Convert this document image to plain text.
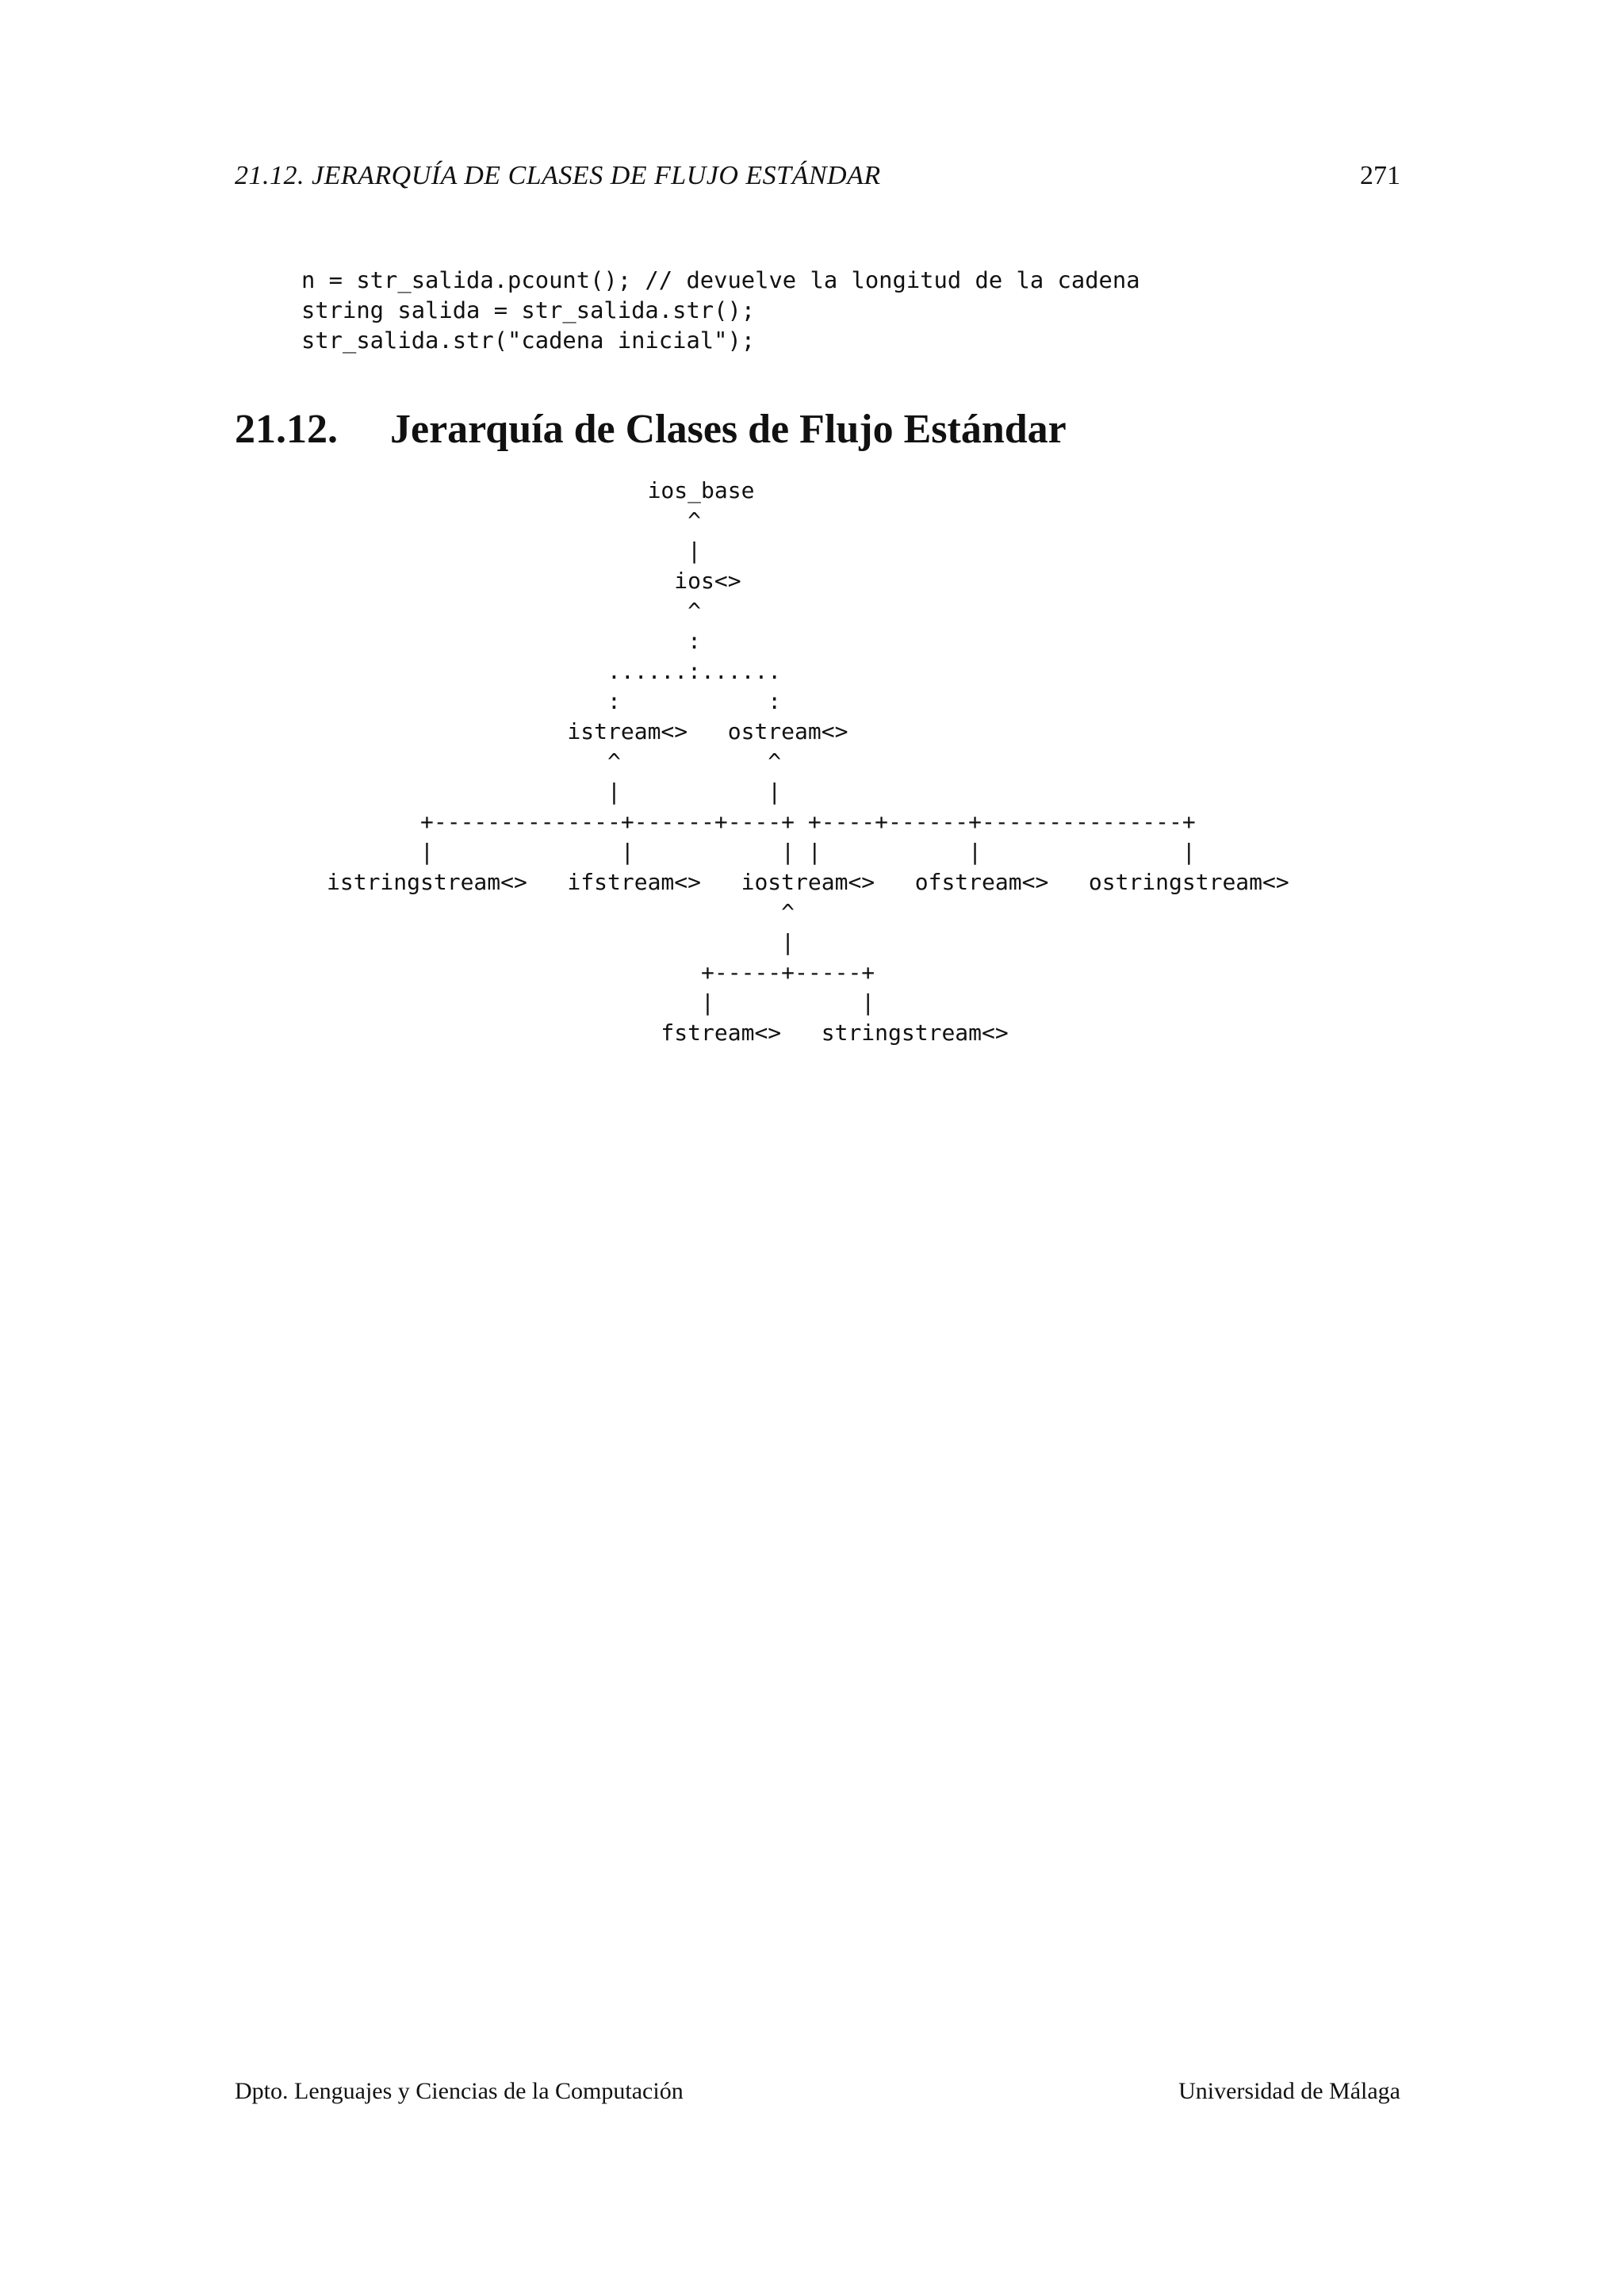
21.12. JERARQUÍA DE CLASES DE FLUJO ESTÁNDAR	271
n = str_salida.pcount(); // devuelve la longitud de la cadena
string salida = str_salida.str();
str_salida.str("cadena inicial");
21.12. Jerarquía de Clases de Flujo Estándar
ios_base
^
|
ios<>
^
:
......:......
:           :
istream<>   ostream<>
^           ^
|           |
+--------------+------+----+ +----+------+---------------+
|              |           | |           |               |
istringstream<>   ifstream<>   iostream<>   ofstream<>   ostringstream<>
^
|
+-----+-----+
|           |
fstream<>   stringstream<>
Dpto. Lenguajes y Ciencias de la Computación	Universidad de Málaga
